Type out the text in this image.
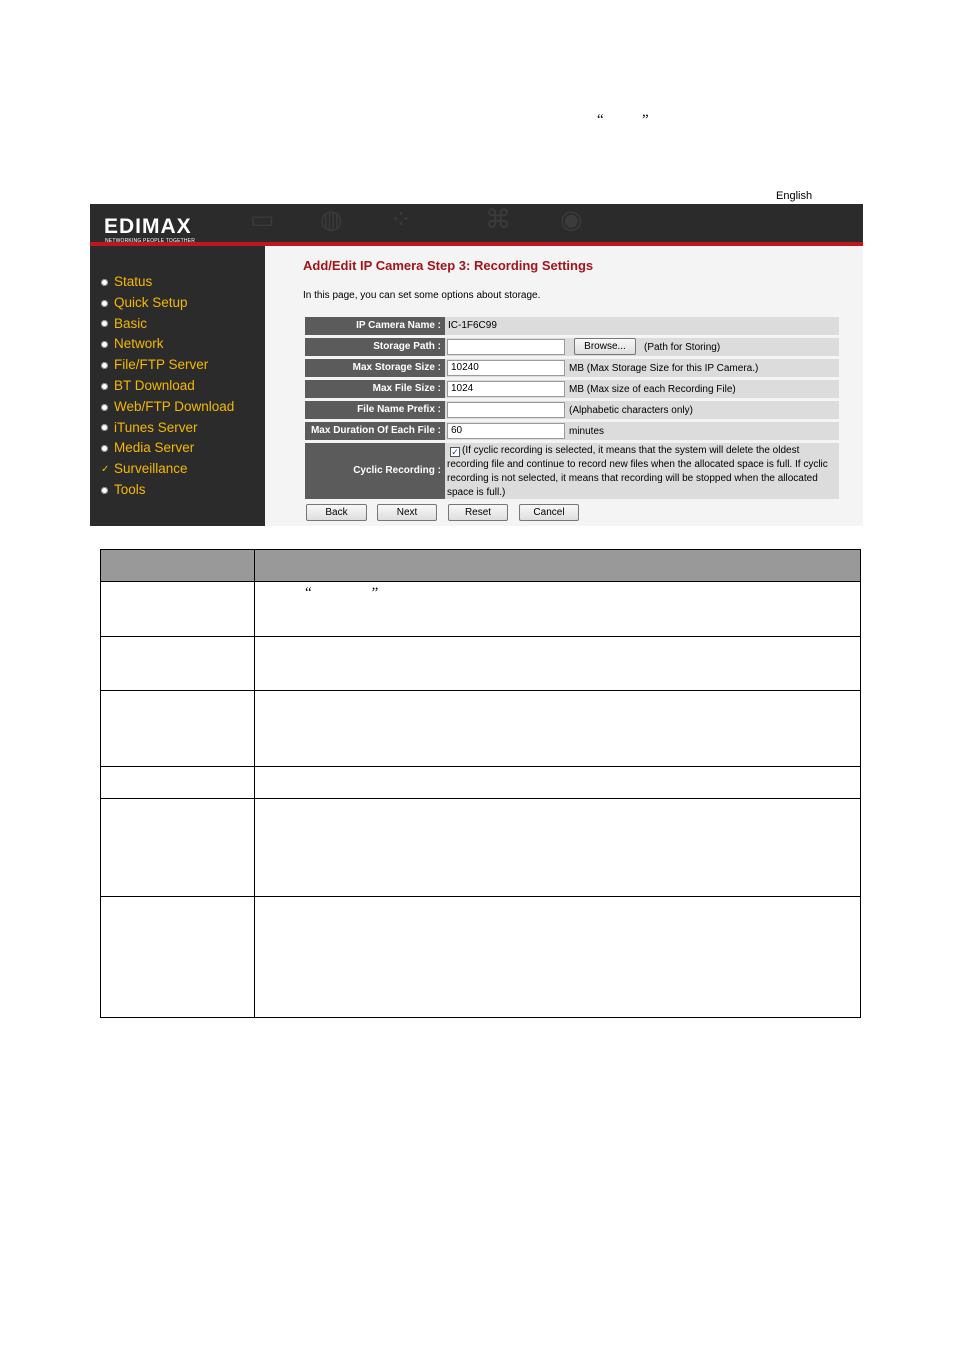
“	”
English
◍ ⁘	⌘ ◉
▭
EDIMAX
NETWORKING PEOPLE TOGETHER
Status
Quick Setup
Basic
Network
File/FTP Server
BT Download
Web/FTP Download
iTunes Server
Media Server
✓ Surveillance
Tools
Add/Edit IP Camera Step 3: Recording Settings
In this page, you can set some options about storage.
IP Camera Name : IC-1F6C99
Storage Path :	Browse...	(Path for Storing)
Max Storage Size :	10240	MB (Max Storage Size for this IP Camera.)
Max File Size :	1024	MB (Max size of each Recording File)
File Name Prefix :	(Alphabetic characters only)
Max Duration Of Each File :	60	minutes
Cyclic Recording :
✓ (If cyclic recording is selected, it means that the system will delete the oldest
recording file and continue to record new files when the allocated space is full. If cyclic
recording is not selected, it means that recording will be stopped when the allocated
space is full.)
Back	Next	Reset	Cancel

	“ ”
